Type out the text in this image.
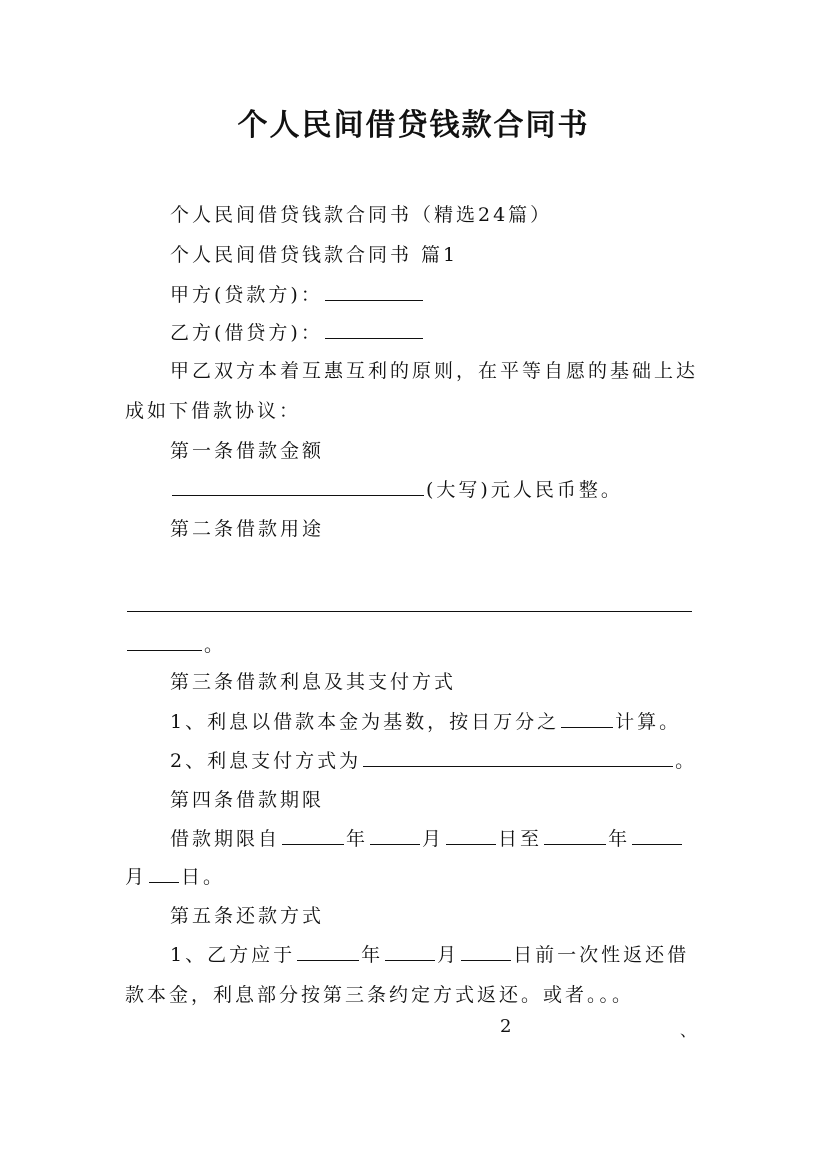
个人民间借贷钱款合同书
个人民间借贷钱款合同书（精选24篇）
个人民间借贷钱款合同书 篇1
甲方(贷款方)：
乙方(借贷方)：
甲乙双方本着互惠互利的原则，在平等自愿的基础上达
成如下借款协议：
第一条借款金额
(大写)元人民币整。
第二条借款用途
。
第三条借款利息及其支付方式
1、利息以借款本金为基数，按日万分之	计算。
2、利息支付方式为	。
第四条借款期限
借款期限自	年	月	日至	年
月 日。
第五条还款方式
1、乙方应于	年	月	日前一次性返还借
款本金，利息部分按第三条约定方式返还。或者。。。
2	、
